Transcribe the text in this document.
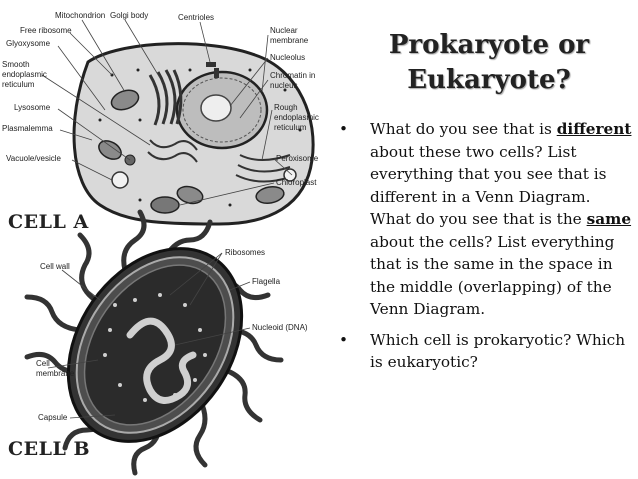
Mitochondrion Golgi body	Centrioles
Free ribosome
Glyoxysome
Smooth
endoplasmic
reticulum
Lysosome
Plasmalemma
Vacuole/vesicle
Nuclear
membrane
Nucleolus
Chromatin in
nucleus
Rough
endoplasmic
reticulum
Peroxisome
Chloroplast
Ribosomes
Cell wall
Flagella
Nucleoid (DNA)
Cell
membrane
Capsule
CELL A
CELL B
Prokaryote or
Eukaryote?
• What do you see that is different about these two cells? List everything that you see that is different in a Venn Diagram. What do you see that is the same about the cells? List everything that is the same in the space in the middle (overlapping) of the Venn Diagram.
• Which cell is prokaryotic? Which is eukaryotic?
